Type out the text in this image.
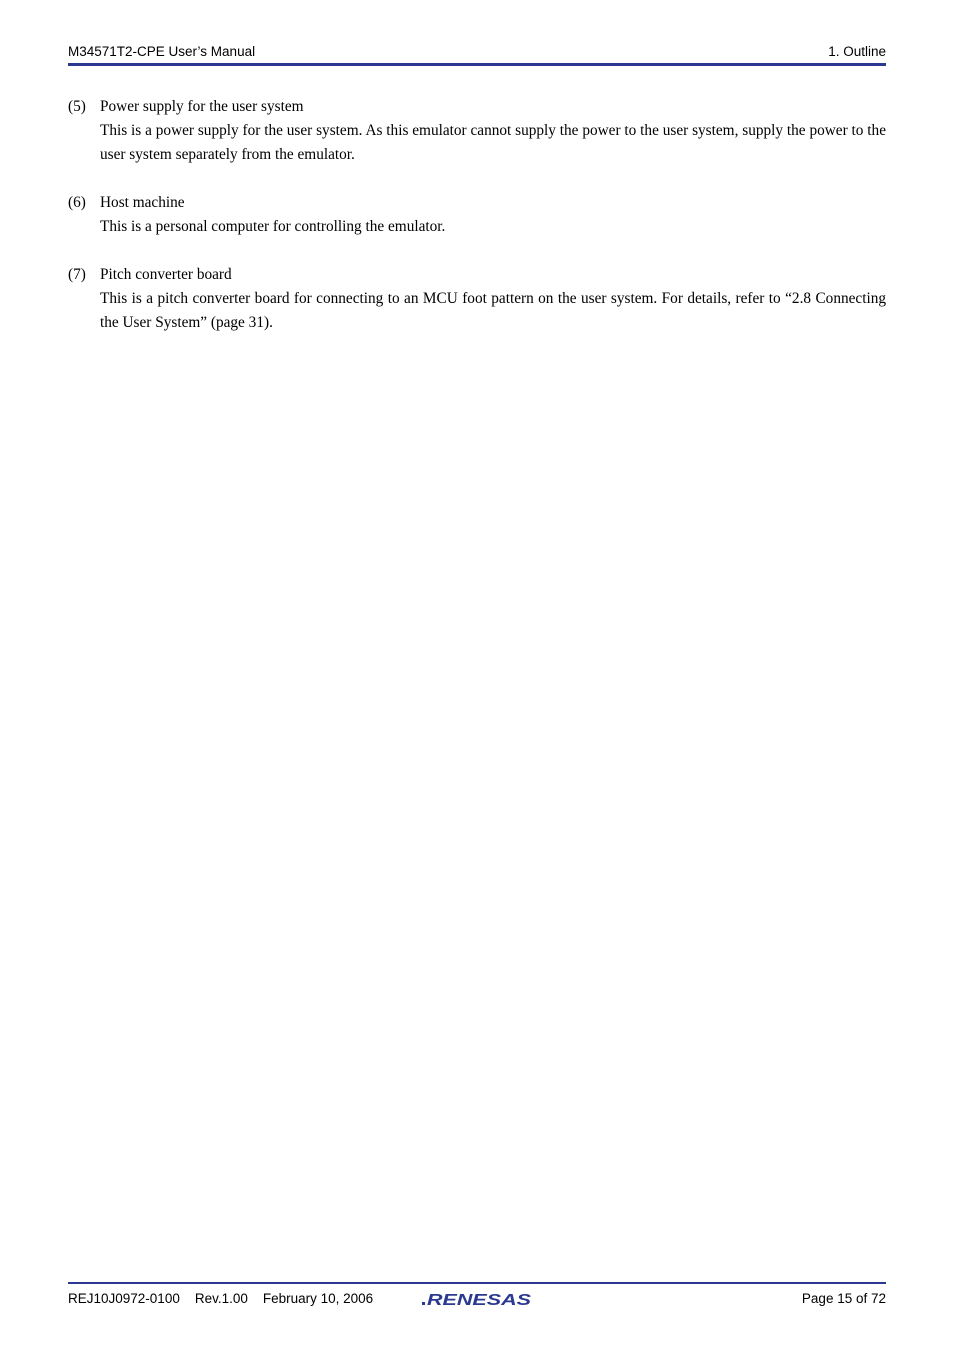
M34571T2-CPE User’s Manual	1. Outline
(5) Power supply for the user system
This is a power supply for the user system. As this emulator cannot supply the power to the user system, supply the power to the user system separately from the emulator.
(6) Host machine
This is a personal computer for controlling the emulator.
(7) Pitch converter board
This is a pitch converter board for connecting to an MCU foot pattern on the user system. For details, refer to “2.8 Connecting the User System” (page 31).
REJ10J0972-0100    Rev.1.00    February 10, 2006	RENESAS	Page 15 of 72
